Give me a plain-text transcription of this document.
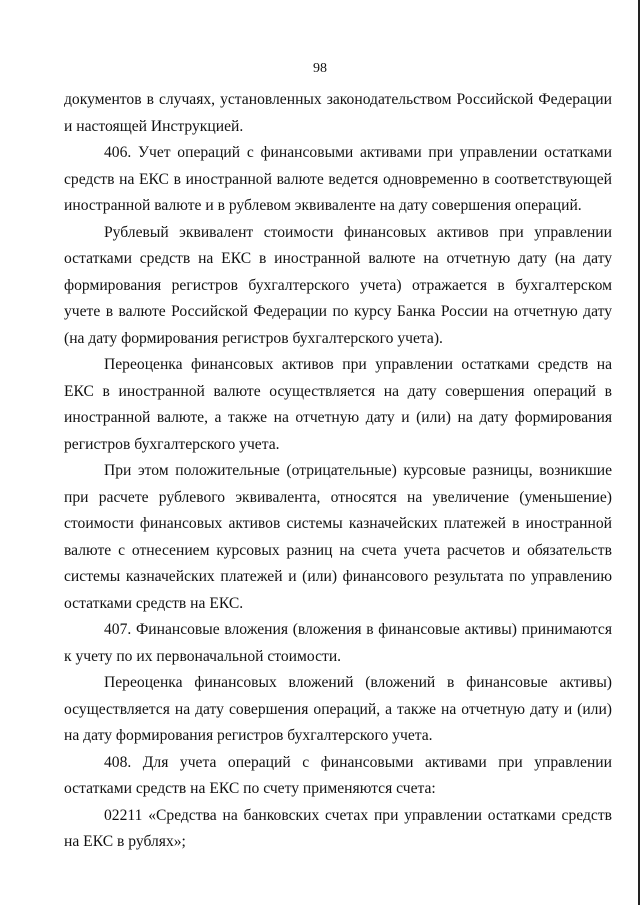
98

документов в случаях, установленных законодательством Российской Федерации и настоящей Инструкцией.

406. Учет операций с финансовыми активами при управлении остатками средств на ЕКС в иностранной валюте ведется одновременно в соответствующей иностранной валюте и в рублевом эквиваленте на дату совершения операций.

Рублевый эквивалент стоимости финансовых активов при управлении остатками средств на ЕКС в иностранной валюте на отчетную дату (на дату формирования регистров бухгалтерского учета) отражается в бухгалтерском учете в валюте Российской Федерации по курсу Банка России на отчетную дату (на дату формирования регистров бухгалтерского учета).

Переоценка финансовых активов при управлении остатками средств на ЕКС в иностранной валюте осуществляется на дату совершения операций в иностранной валюте, а также на отчетную дату и (или) на дату формирования регистров бухгалтерского учета.

При этом положительные (отрицательные) курсовые разницы, возникшие при расчете рублевого эквивалента, относятся на увеличение (уменьшение) стоимости финансовых активов системы казначейских платежей в иностранной валюте с отнесением курсовых разниц на счета учета расчетов и обязательств системы казначейских платежей и (или) финансового результата по управлению остатками средств на ЕКС.

407. Финансовые вложения (вложения в финансовые активы) принимаются к учету по их первоначальной стоимости.

Переоценка финансовых вложений (вложений в финансовые активы) осуществляется на дату совершения операций, а также на отчетную дату и (или) на дату формирования регистров бухгалтерского учета.

408. Для учета операций с финансовыми активами при управлении остатками средств на ЕКС по счету применяются счета:

02211 «Средства на банковских счетах при управлении остатками средств на ЕКС в рублях»;
